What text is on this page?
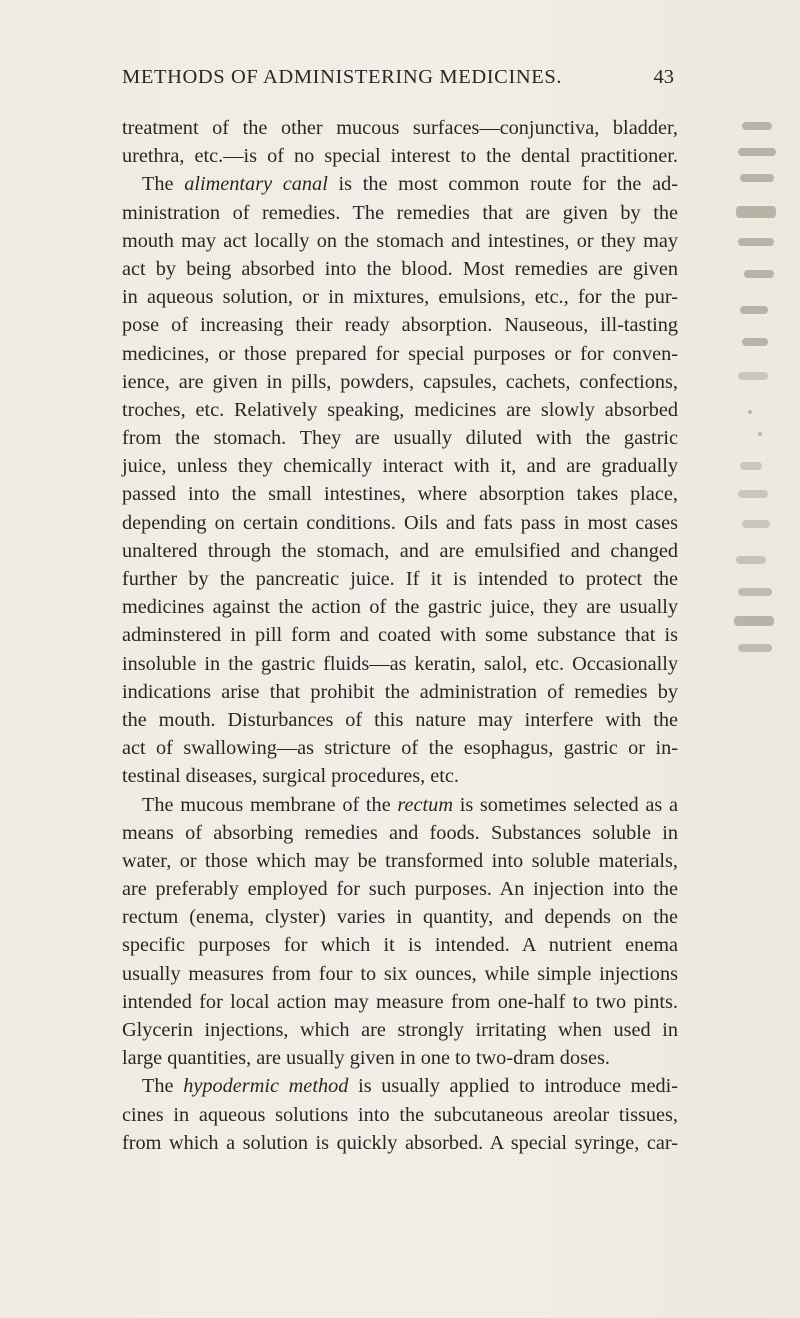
METHODS OF ADMINISTERING MEDICINES.	43
treatment of the other mucous surfaces—conjunctiva, bladder,
urethra, etc.—is of no special interest to the dental practitioner.
The alimentary canal is the most common route for the ad-
ministration of remedies. The remedies that are given by the
mouth may act locally on the stomach and intestines, or they may
act by being absorbed into the blood. Most remedies are given
in aqueous solution, or in mixtures, emulsions, etc., for the pur-
pose of increasing their ready absorption. Nauseous, ill-tasting
medicines, or those prepared for special purposes or for conven-
ience, are given in pills, powders, capsules, cachets, confections,
troches, etc. Relatively speaking, medicines are slowly absorbed
from the stomach. They are usually diluted with the gastric
juice, unless they chemically interact with it, and are gradually
passed into the small intestines, where absorption takes place,
depending on certain conditions. Oils and fats pass in most cases
unaltered through the stomach, and are emulsified and changed
further by the pancreatic juice. If it is intended to protect the
medicines against the action of the gastric juice, they are usually
adminstered in pill form and coated with some substance that is
insoluble in the gastric fluids—as keratin, salol, etc. Occasionally
indications arise that prohibit the administration of remedies by
the mouth. Disturbances of this nature may interfere with the
act of swallowing—as stricture of the esophagus, gastric or in-
testinal diseases, surgical procedures, etc.
The mucous membrane of the rectum is sometimes selected as a
means of absorbing remedies and foods. Substances soluble in
water, or those which may be transformed into soluble materials,
are preferably employed for such purposes. An injection into the
rectum (enema, clyster) varies in quantity, and depends on the
specific purposes for which it is intended. A nutrient enema
usually measures from four to six ounces, while simple injections
intended for local action may measure from one-half to two pints.
Glycerin injections, which are strongly irritating when used in
large quantities, are usually given in one to two-dram doses.
The hypodermic method is usually applied to introduce medi-
cines in aqueous solutions into the subcutaneous areolar tissues,
from which a solution is quickly absorbed. A special syringe, car-
